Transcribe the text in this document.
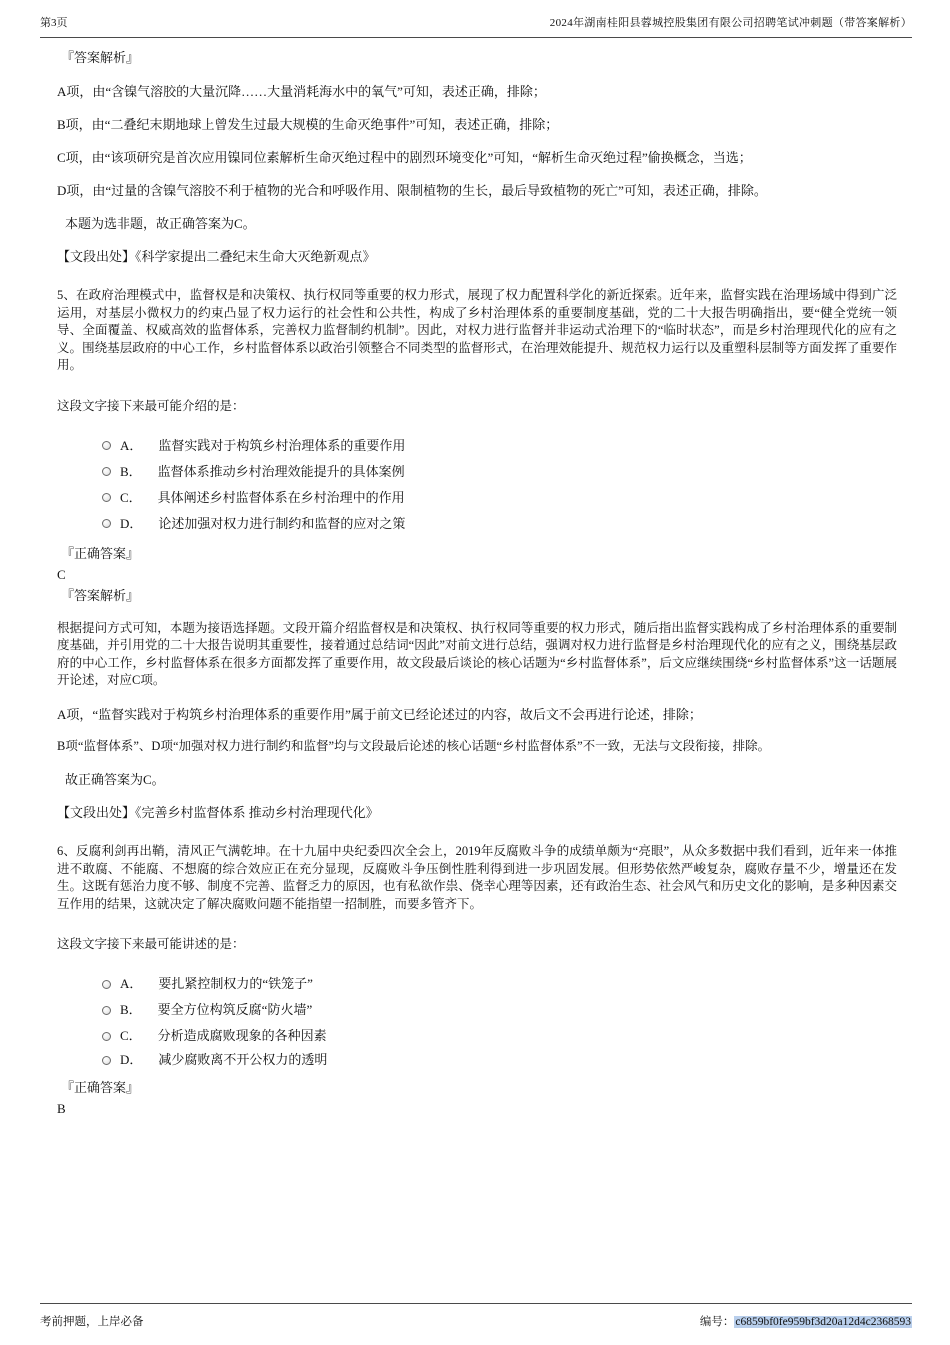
第3页	2024年湖南桂阳县蓉城控股集团有限公司招聘笔试冲刺题（带答案解析）

『答案解析』

A项，由“含镍气溶胶的大量沉降……大量消耗海水中的氧气”可知，表述正确，排除；

B项，由“二叠纪末期地球上曾发生过最大规模的生命灭绝事件”可知，表述正确，排除；

C项，由“该项研究是首次应用镍同位素解析生命灭绝过程中的剧烈环境变化”可知，“解析生命灭绝过程”偷换概念，当选；

D项，由“过量的含镍气溶胶不利于植物的光合和呼吸作用、限制植物的生长，最后导致植物的死亡”可知，表述正确，排除。

本题为选非题，故正确答案为C。

【文段出处】《科学家提出二叠纪末生命大灭绝新观点》

5、在政府治理模式中，监督权是和决策权、执行权同等重要的权力形式，展现了权力配置科学化的新近探索。近年来，监督实践在治理场域中得到广泛运用，对基层小微权力的约束凸显了权力运行的社会性和公共性，构成了乡村治理体系的重要制度基础，党的二十大报告明确指出，要“健全党统一领导、全面覆盖、权威高效的监督体系，完善权力监督制约机制”。因此，对权力进行监督并非运动式治理下的“临时状态”，而是乡村治理现代化的应有之义。围绕基层政府的中心工作，乡村监督体系以政治引领整合不同类型的监督形式，在治理效能提升、规范权力运行以及重塑科层制等方面发挥了重要作用。

这段文字接下来最可能介绍的是：

A． 监督实践对于构筑乡村治理体系的重要作用
B． 监督体系推动乡村治理效能提升的具体案例
C． 具体阐述乡村监督体系在乡村治理中的作用
D． 论述加强对权力进行制约和监督的应对之策

『正确答案』

C

『答案解析』

根据提问方式可知，本题为接语选择题。文段开篇介绍监督权是和决策权、执行权同等重要的权力形式，随后指出监督实践构成了乡村治理体系的重要制度基础，并引用党的二十大报告说明其重要性，接着通过总结词“因此”对前文进行总结，强调对权力进行监督是乡村治理现代化的应有之义，围绕基层政府的中心工作，乡村监督体系在很多方面都发挥了重要作用，故文段最后谈论的核心话题为“乡村监督体系”，后文应继续围绕“乡村监督体系”这一话题展开论述，对应C项。

A项，“监督实践对于构筑乡村治理体系的重要作用”属于前文已经论述过的内容，故后文不会再进行论述，排除；

B项“监督体系”、D项“加强对权力进行制约和监督”均与文段最后论述的核心话题“乡村监督体系”不一致，无法与文段衔接，排除。

故正确答案为C。

【文段出处】《完善乡村监督体系 推动乡村治理现代化》

6、反腐利剑再出鞘，清风正气满乾坤。在十九届中央纪委四次全会上，2019年反腐败斗争的成绩单颇为“亮眼”，从众多数据中我们看到，近年来一体推进不敢腐、不能腐、不想腐的综合效应正在充分显现，反腐败斗争压倒性胜利得到进一步巩固发展。但形势依然严峻复杂，腐败存量不少，增量还在发生。这既有惩治力度不够、制度不完善、监督乏力的原因，也有私欲作祟、侥幸心理等因素，还有政治生态、社会风气和历史文化的影响，是多种因素交互作用的结果，这就决定了解决腐败问题不能指望一招制胜，而要多管齐下。

这段文字接下来最可能讲述的是：

A． 要扎紧控制权力的“铁笼子”
B． 要全方位构筑反腐“防火墙”
C． 分析造成腐败现象的各种因素
D． 减少腐败离不开公权力的透明

『正确答案』

B

考前押题，上岸必备	编号：c6859bf0fe959bf3d20a12d4c2368593
